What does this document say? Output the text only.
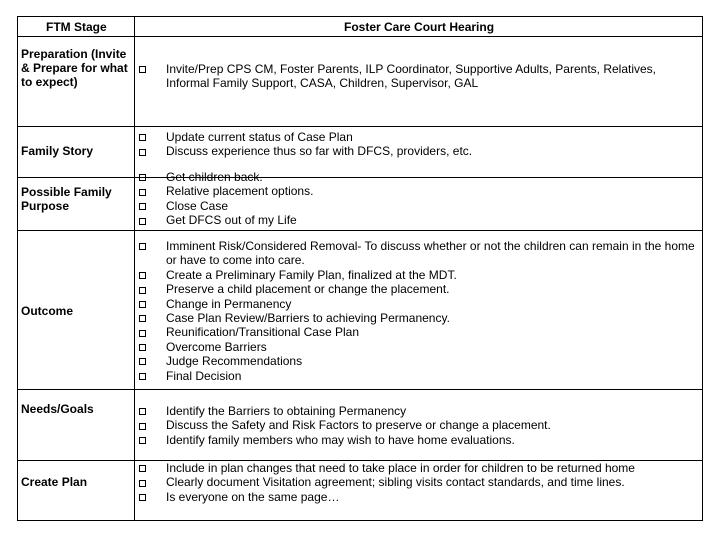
FTM Stage	Foster Care Court Hearing
Preparation (Invite & Prepare for what to expect)
Invite/Prep CPS CM, Foster Parents, ILP Coordinator, Supportive Adults, Parents, Relatives, Informal Family Support, CASA, Children, Supervisor, GAL
Family Story
Update current status of Case Plan
Discuss experience thus so far with DFCS, providers, etc.
Possible Family Purpose
Get children back.
Relative placement options.
Close Case
Get DFCS out of my Life
Outcome
Imminent Risk/Considered Removal- To discuss whether or not the children can remain in the home or have to come into care.
Create a Preliminary Family Plan, finalized at the MDT.
Preserve a child placement or change the placement.
Change in Permanency
Case Plan Review/Barriers to achieving Permanency.
Reunification/Transitional Case Plan
Overcome Barriers
Judge Recommendations
Final Decision
Needs/Goals	Identify the Barriers to obtaining Permanency
Discuss the Safety and Risk Factors to preserve or change a placement.
Identify family members who may wish to have home evaluations.
Create Plan
Include in plan changes that need to take place in order for children to be returned home
Clearly document Visitation agreement; sibling visits contact standards, and time lines.
Is everyone on the same page…
